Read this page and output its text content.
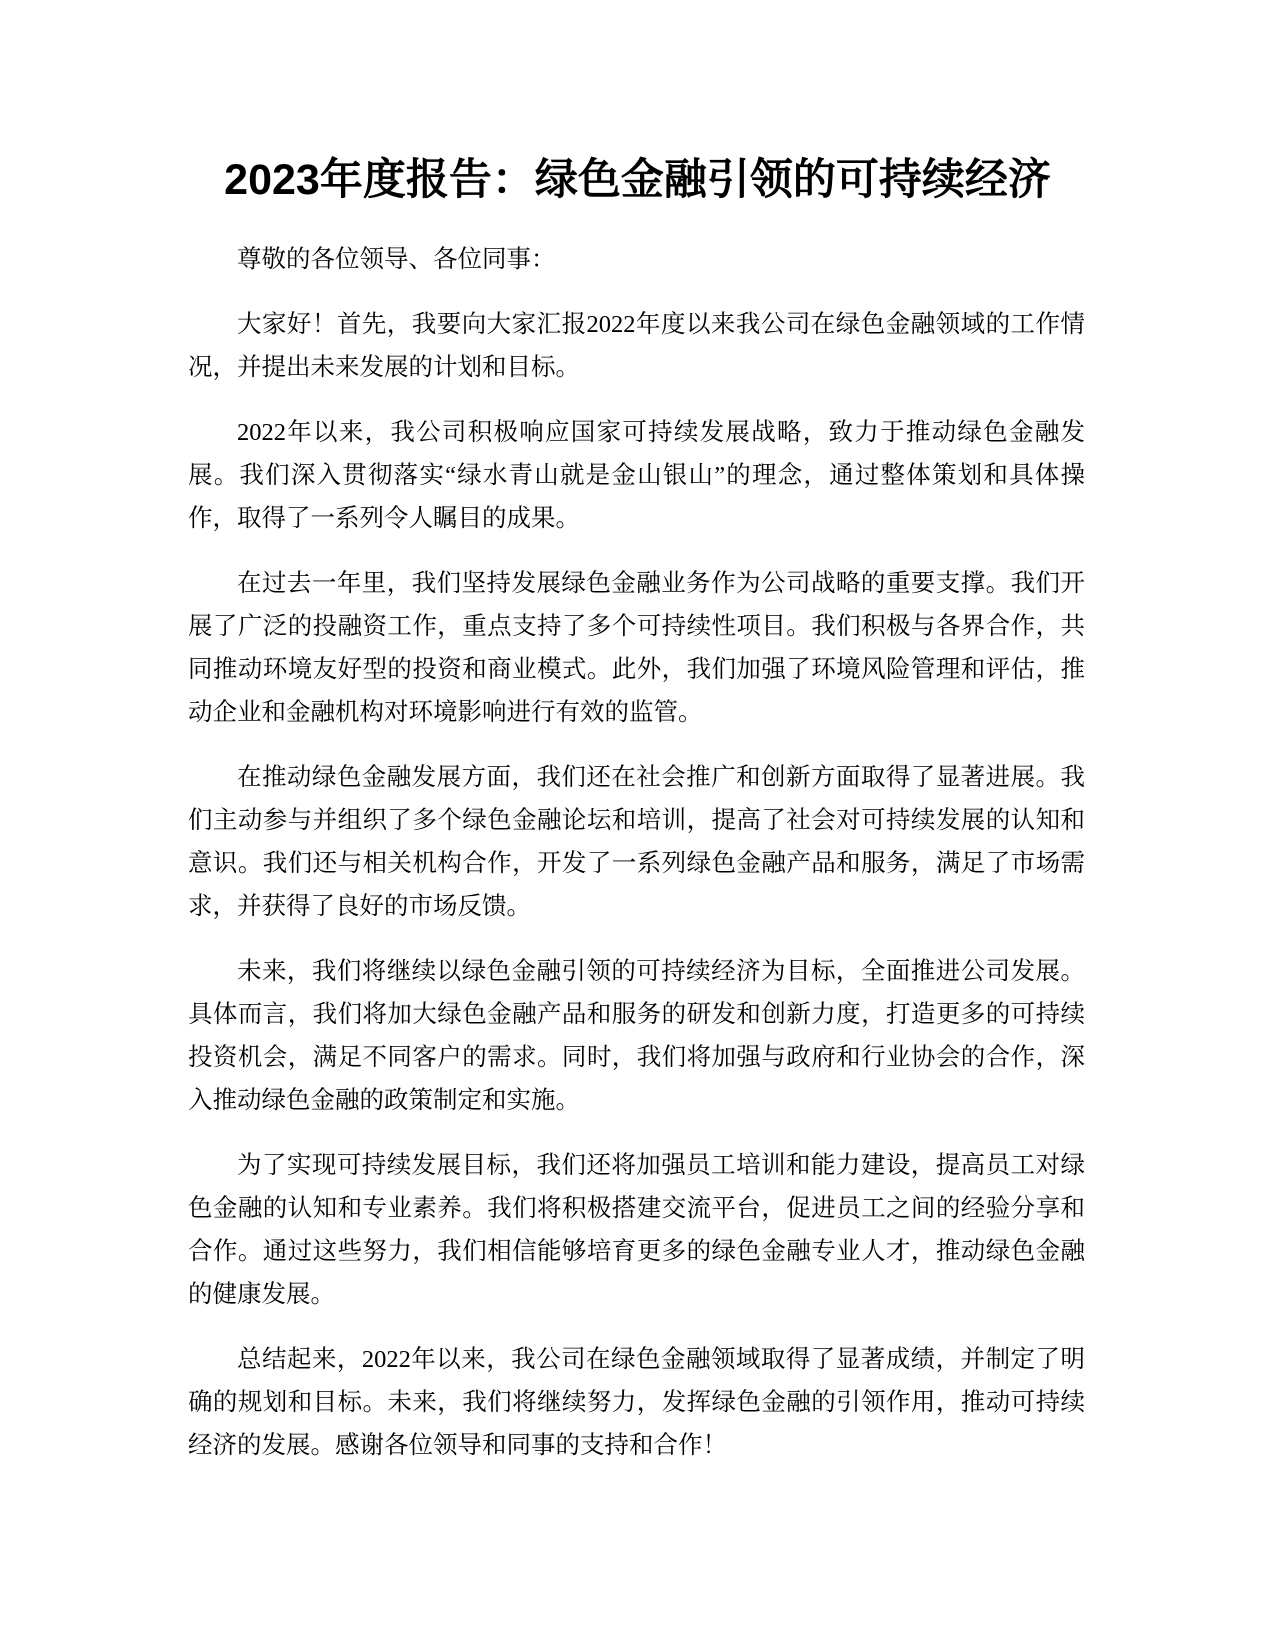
2023年度报告：绿色金融引领的可持续经济

尊敬的各位领导、各位同事：

大家好！首先，我要向大家汇报2022年度以来我公司在绿色金融领域的工作情况，并提出未来发展的计划和目标。

2022年以来，我公司积极响应国家可持续发展战略，致力于推动绿色金融发展。我们深入贯彻落实“绿水青山就是金山银山”的理念，通过整体策划和具体操作，取得了一系列令人瞩目的成果。

在过去一年里，我们坚持发展绿色金融业务作为公司战略的重要支撑。我们开展了广泛的投融资工作，重点支持了多个可持续性项目。我们积极与各界合作，共同推动环境友好型的投资和商业模式。此外，我们加强了环境风险管理和评估，推动企业和金融机构对环境影响进行有效的监管。

在推动绿色金融发展方面，我们还在社会推广和创新方面取得了显著进展。我们主动参与并组织了多个绿色金融论坛和培训，提高了社会对可持续发展的认知和意识。我们还与相关机构合作，开发了一系列绿色金融产品和服务，满足了市场需求，并获得了良好的市场反馈。

未来，我们将继续以绿色金融引领的可持续经济为目标，全面推进公司发展。具体而言，我们将加大绿色金融产品和服务的研发和创新力度，打造更多的可持续投资机会，满足不同客户的需求。同时，我们将加强与政府和行业协会的合作，深入推动绿色金融的政策制定和实施。

为了实现可持续发展目标，我们还将加强员工培训和能力建设，提高员工对绿色金融的认知和专业素养。我们将积极搭建交流平台，促进员工之间的经验分享和合作。通过这些努力，我们相信能够培育更多的绿色金融专业人才，推动绿色金融的健康发展。

总结起来，2022年以来，我公司在绿色金融领域取得了显著成绩，并制定了明确的规划和目标。未来，我们将继续努力，发挥绿色金融的引领作用，推动可持续经济的发展。感谢各位领导和同事的支持和合作！
